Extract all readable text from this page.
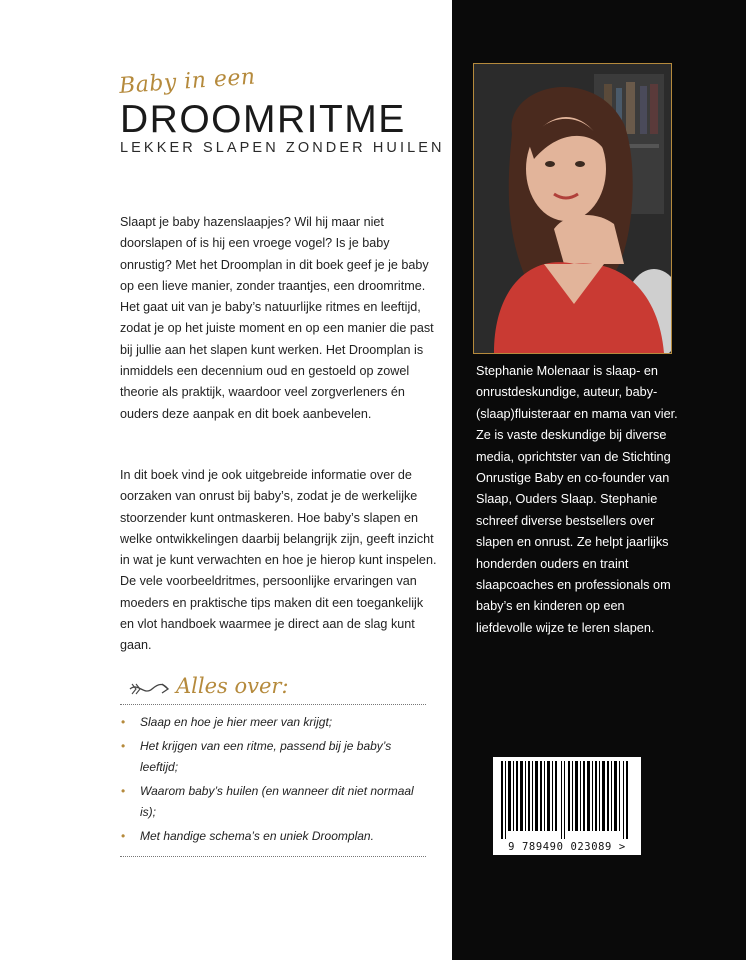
Baby in een
DROOMRITME
LEKKER SLAPEN ZONDER HUILEN

Slaapt je baby hazenslaapjes? Wil hij maar niet doorslapen of is hij een vroege vogel? Is je baby onrustig? Met het Droomplan in dit boek geef je je baby op een lieve manier, zonder traantjes, een droomritme. Het gaat uit van je baby’s natuurlijke ritmes en leeftijd, zodat je op het juiste moment en op een manier die past bij jullie aan het slapen kunt werken. Het Droomplan is inmiddels een decennium oud en gestoeld op zowel theorie als praktijk, waardoor veel zorgverleners én ouders deze aanpak en dit boek aanbevelen.

In dit boek vind je ook uitgebreide informatie over de oorzaken van onrust bij baby’s, zodat je de werkelijke stoorzender kunt ontmaskeren. Hoe baby’s slapen en welke ontwikkelingen daarbij belangrijk zijn, geeft inzicht in wat je kunt verwachten en hoe je hierop kunt inspelen. De vele voorbeeldritmes, persoonlijke ervaringen van moeders en praktische tips maken dit een toegankelijk en vlot handboek waarmee je direct aan de slag kunt gaan.

Alles over:
• Slaap en hoe je hier meer van krijgt;
• Het krijgen van een ritme, passend bij je baby’s leeftijd;
• Waarom baby’s huilen (en wanneer dit niet normaal is);
• Met handige schema’s en uniek Droomplan.

Stephanie Molenaar is slaap- en onrustdeskundige, auteur, baby-(slaap)fluisteraar en mama van vier. Ze is vaste deskundige bij diverse media, oprichtster van de Stichting Onrustige Baby en co-founder van Slaap, Ouders Slaap. Stephanie schreef diverse bestsellers over slapen en onrust. Ze helpt jaarlijks honderden ouders en traint slaapcoaches en professionals om baby’s en kinderen op een liefdevolle wijze te leren slapen.

9 789490 023089 >
